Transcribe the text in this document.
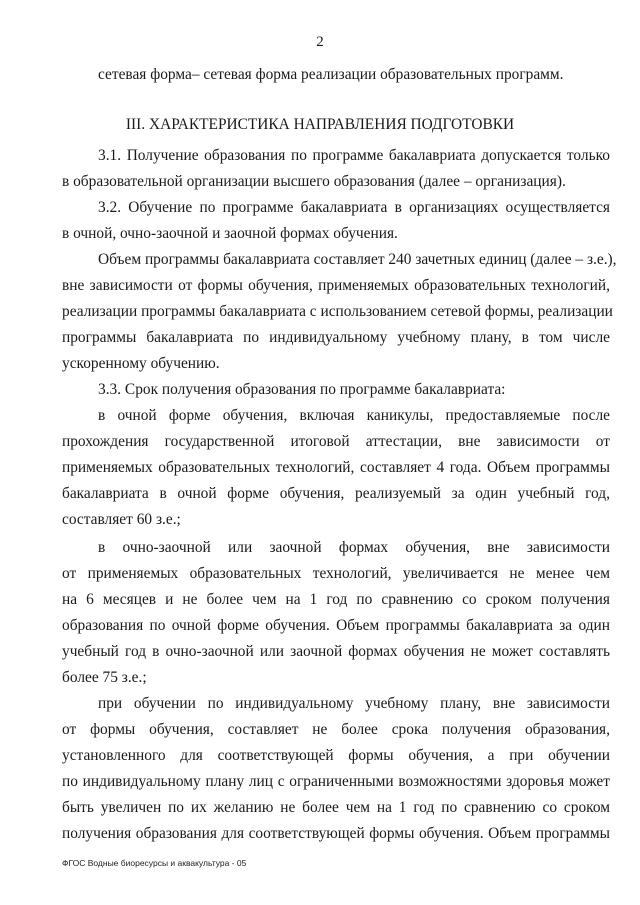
2
сетевая форма– сетевая форма реализации образовательных программ.
III. ХАРАКТЕРИСТИКА НАПРАВЛЕНИЯ ПОДГОТОВКИ
3.1. Получение образования по программе бакалавриата допускается только
в образовательной организации высшего образования (далее – организация).
3.2. Обучение по программе бакалавриата в организациях осуществляется
в очной, очно-заочной и заочной формах обучения.
Объем программы бакалавриата составляет 240 зачетных единиц (далее – з.е.),
вне зависимости от формы обучения, применяемых образовательных технологий,
реализации программы бакалавриата с использованием сетевой формы, реализации
программы бакалавриата по индивидуальному учебному плану, в том числе
ускоренному обучению.
3.3. Срок получения образования по программе бакалавриата:
в очной форме обучения, включая каникулы, предоставляемые после
прохождения государственной итоговой аттестации, вне зависимости от
применяемых образовательных технологий, составляет 4 года. Объем программы
бакалавриата в очной форме обучения, реализуемый за один учебный год,
составляет 60 з.е.;
в очно-заочной или заочной формах обучения, вне зависимости
от применяемых образовательных технологий, увеличивается не менее чем
на 6 месяцев и не более чем на 1 год по сравнению со сроком получения
образования по очной форме обучения. Объем программы бакалавриата за один
учебный год в очно-заочной или заочной формах обучения не может составлять
более 75 з.е.;
при обучении по индивидуальному учебному плану, вне зависимости
от формы обучения, составляет не более срока получения образования,
установленного для соответствующей формы обучения, а при обучении
по индивидуальному плану лиц с ограниченными возможностями здоровья может
быть увеличен по их желанию не более чем на 1 год по сравнению со сроком
получения образования для соответствующей формы обучения. Объем программы
ФГОС Водные биоресурсы и аквакультура - 05
